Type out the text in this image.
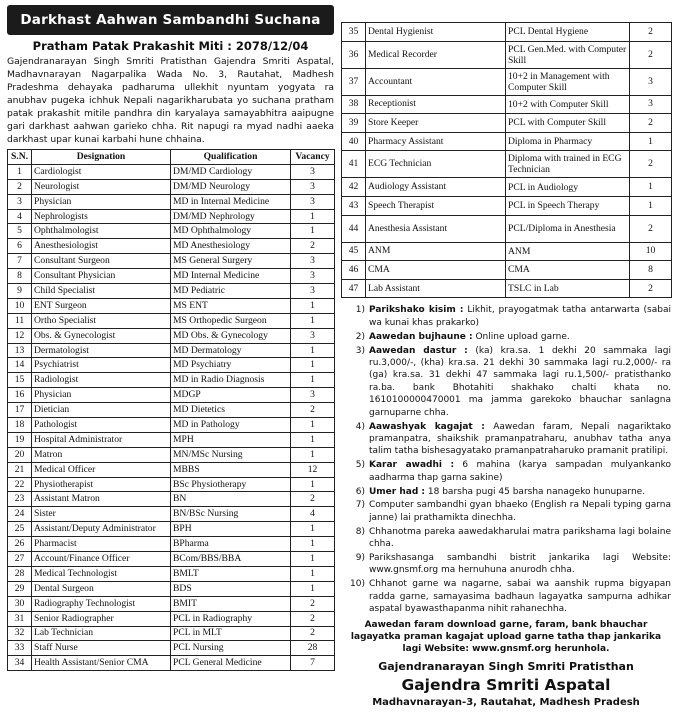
Darkhast Aahwan Sambandhi Suchana
Pratham Patak Prakashit Miti : 2078/12/04
Gajendranarayan Singh Smriti Pratisthan Gajendra Smriti Aspatal, Madhavnarayan Nagarpalika Wada No. 3, Rautahat, Madhesh Pradeshma dehayaka padharuma ullekhit nyuntam yogyata ra anubhav pugeka ichhuk Nepali nagarikharubata yo suchana pratham patak prakashit mitile pandhra din karyalaya samayabhitra aaipugne gari darkhast aahwan garieko chha. Rit napugi ra myad nadhi aaeka darkhast upar kunai karbahi hune chhaina.
S.N.	Designation	Qualification	Vacancy
1	Cardiologist	DM/MD Cardiology	3
2	Neurologist	DM/MD Neurology	3
3	Physician	MD in Internal Medicine	3
4	Nephrologists	DM/MD Nephrology	1
5	Ophthalmologist	MD Ophthalmology	1
6	Anesthesiologist	MD Anesthesiology	2
7	Consultant Surgeon	MS General Surgery	3
8	Consultant Physician	MD Internal Medicine	3
9	Child Specialist	MD Pediatric	3
10	ENT Surgeon	MS ENT	1
11	Ortho Specialist	MS Orthopedic Surgeon	1
12	Obs. & Gynecologist	MD Obs. & Gynecology	3
13	Dermatologist	MD Dermatology	1
14	Psychiatrist	MD Psychiatry	1
15	Radiologist	MD in Radio Diagnosis	1
16	Physician	MDGP	3
17	Dietician	MD Dietetics	2
18	Pathologist	MD in Pathology	1
19	Hospital Administrator	MPH	1
20	Matron	MN/MSc Nursing	1
21	Medical Officer	MBBS	12
22	Physiotherapist	BSc Physiotherapy	1
23	Assistant Matron	BN	2
24	Sister	BN/BSc Nursing	4
25	Assistant/Deputy Administrator	BPH	1
26	Pharmacist	BPharma	1
27	Account/Finance Officer	BCom/BBS/BBA	1
28	Medical Technologist	BMLT	1
29	Dental Surgeon	BDS	1
30	Radiography Technologist	BMIT	2
31	Senior Radiographer	PCL in Radiography	2
32	Lab Technician	PCL in MLT	2
33	Staff Nurse	PCL Nursing	28
34	Health Assistant/Senior CMA	PCL General Medicine	7
35	Dental Hygienist	PCL Dental Hygiene	2
36	Medical Recorder	PCL Gen.Med. with Computer Skill	2
37	Accountant	10+2 in Management with Computer Skill	3
38	Receptionist	10+2 with Computer Skill	3
39	Store Keeper	PCL with Computer Skill	2
40	Pharmacy Assistant	Diploma in Pharmacy	1
41	ECG Technician	Diploma with trained in ECG Technician	2
42	Audiology Assistant	PCL in Audiology	1
43	Speech Therapist	PCL in Speech Therapy	1
44	Anesthesia Assistant	PCL/Diploma in Anesthesia	2
45	ANM	ANM	10
46	CMA	CMA	8
47	Lab Assistant	TSLC in Lab	2
1) Parikshako kisim : Likhit, prayogatmak tatha antarwarta (sabai wa kunai khas prakarko)
2) Aawedan bujhaune : Online upload garne.
3) Aawedan dastur : (ka) kra.sa. 1 dekhi 20 sammaka lagi ru.3,000/-, (kha) kra.sa. 21 dekhi 30 sammaka lagi ru.2,000/- ra (ga) kra.sa. 31 dekhi 47 sammaka lagi ru.1,500/- pratisthanko ra.ba. bank Bhotahiti shakhako chalti khata no. 1610100000470001 ma jamma garekoko bhauchar sanlagna garnuparne chha.
4) Aawashyak kagajat : Aawedan faram, Nepali nagariktako pramanpatra, shaikshik pramanpatraharu, anubhav tatha anya talim tatha bishesagyatako pramanpatraharuko pramanit pratilipi.
5) Karar awadhi : 6 mahina (karya sampadan mulyankanko aadharma thap garna sakine)
6) Umer had : 18 barsha pugi 45 barsha nanageko hunuparne.
7) Computer sambandhi gyan bhaeko (English ra Nepali typing garna janne) lai prathamikta dinechha.
8) Chhanotma pareka aawedakharulai matra parikshama lagi bolaine chha.
9) Parikshasanga sambandhi bistrit jankarika lagi Website: www.gnsmf.org ma hernuhuna anurodh chha.
10) Chhanot garne wa nagarne, sabai wa aanshik rupma bigyapan radda garne, samayasima badhaun lagayatka sampurna adhikar aspatal byawasthapanma nihit rahanechha.
Aawedan faram download garne, faram, bank bhauchar lagayatka praman kagajat upload garne tatha thap jankarika lagi Website: www.gnsmf.org herunhola.
Gajendranarayan Singh Smriti Pratisthan
Gajendra Smriti Aspatal
Madhavnarayan-3, Rautahat, Madhesh Pradesh
